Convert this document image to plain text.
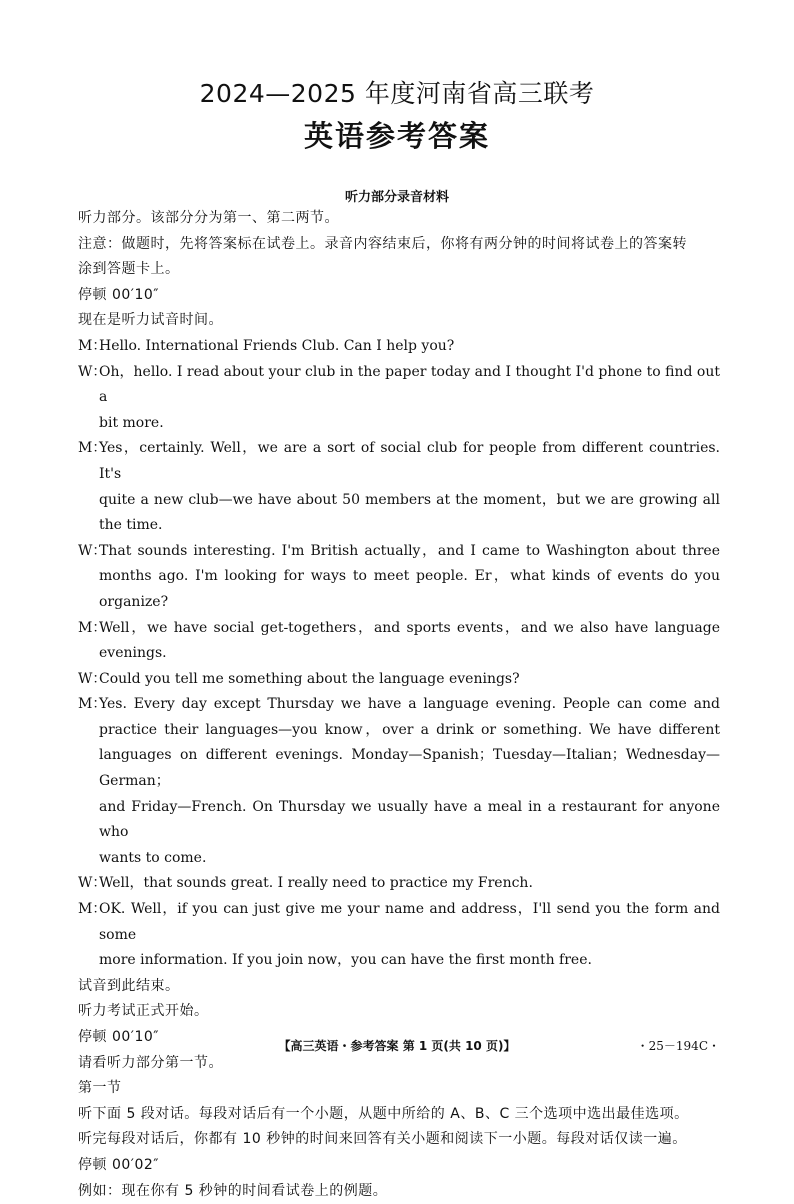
2024—2025 年度河南省高三联考
英语参考答案
听力部分录音材料

听力部分。该部分分为第一、第二两节。

注意：做题时，先将答案标在试卷上。录音内容结束后，你将有两分钟的时间将试卷上的答案转

涂到答题卡上。

停顿 00′10″

现在是听力试音时间。

M：
Hello. International Friends Club. Can I help you?
W：
Oh，hello. I read about your club in the paper today and I thought I'd phone to find out a
bit more.
M：
Yes，certainly. Well，we are a sort of social club for people from different countries. It's
quite a new club—we have about 50 members at the moment，but we are growing all the time.
W：
That sounds interesting. I'm British actually，and I came to Washington about three
months ago. I'm looking for ways to meet people. Er，what kinds of events do you organize?
M：
Well，we have social get-togethers，and sports events，and we also have language
evenings.
W：
Could you tell me something about the language evenings?
M：
Yes. Every day except Thursday we have a language evening. People can come and
practice their languages—you know，over a drink or something. We have different
languages on different evenings. Monday—Spanish；Tuesday—Italian；Wednesday—German；
and Friday—French. On Thursday we usually have a meal in a restaurant for anyone who
wants to come.
W：
Well，that sounds great. I really need to practice my French.
M：
OK. Well，if you can just give me your name and address，I'll send you the form and some
more information. If you join now，you can have the first month free.

试音到此结束。

听力考试正式开始。

停顿 00′10″

请看听力部分第一节。

第一节

听下面 5 段对话。每段对话后有一个小题，从题中所给的 A、B、C 三个选项中选出最佳选项。

听完每段对话后，你都有 10 秒钟的时间来回答有关小题和阅读下一小题。每段对话仅读一遍。

停顿 00′02″

例如：现在你有 5 秒钟的时间看试卷上的例题。

【高三英语・参考答案 第 1 页(共 10 页)】	・25－194C・
